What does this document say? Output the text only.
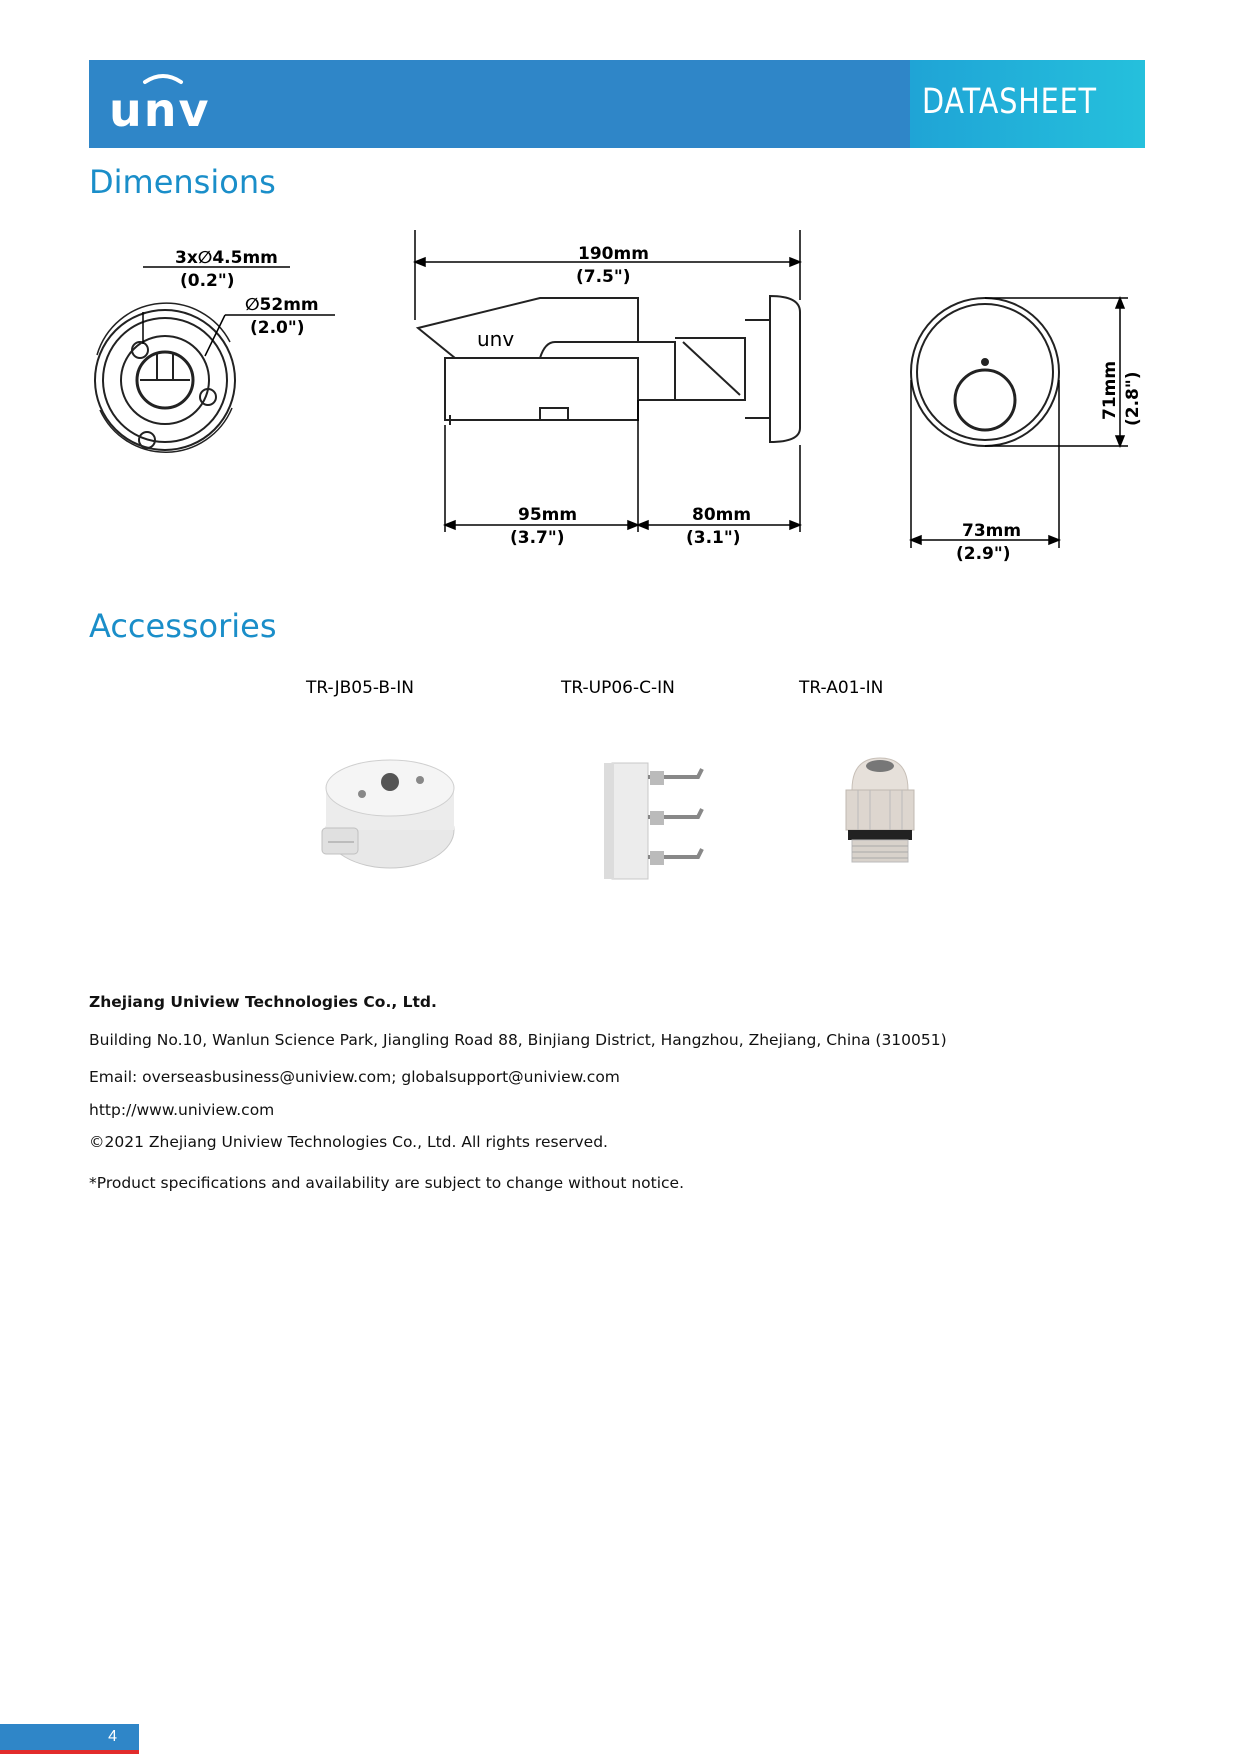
unv	DATASHEET
Dimensions
3x∅4.5mm
(0.2")
∅52mm
(2.0")	unv
190mm
(7.5")
95mm
(3.7")
80mm
(3.1")
71mm (2.8")
73mm
(2.9")
Accessories
TR-JB05-B-IN	TR-UP06-C-IN	TR-A01-IN
Zhejiang Uniview Technologies Co., Ltd.
Building No.10, Wanlun Science Park, Jiangling Road 88, Binjiang District, Hangzhou, Zhejiang, China (310051)
Email: overseasbusiness@uniview.com; globalsupport@uniview.com
http://www.uniview.com
©2021 Zhejiang Uniview Technologies Co., Ltd. All rights reserved.
*Product specifications and availability are subject to change without notice.
4
